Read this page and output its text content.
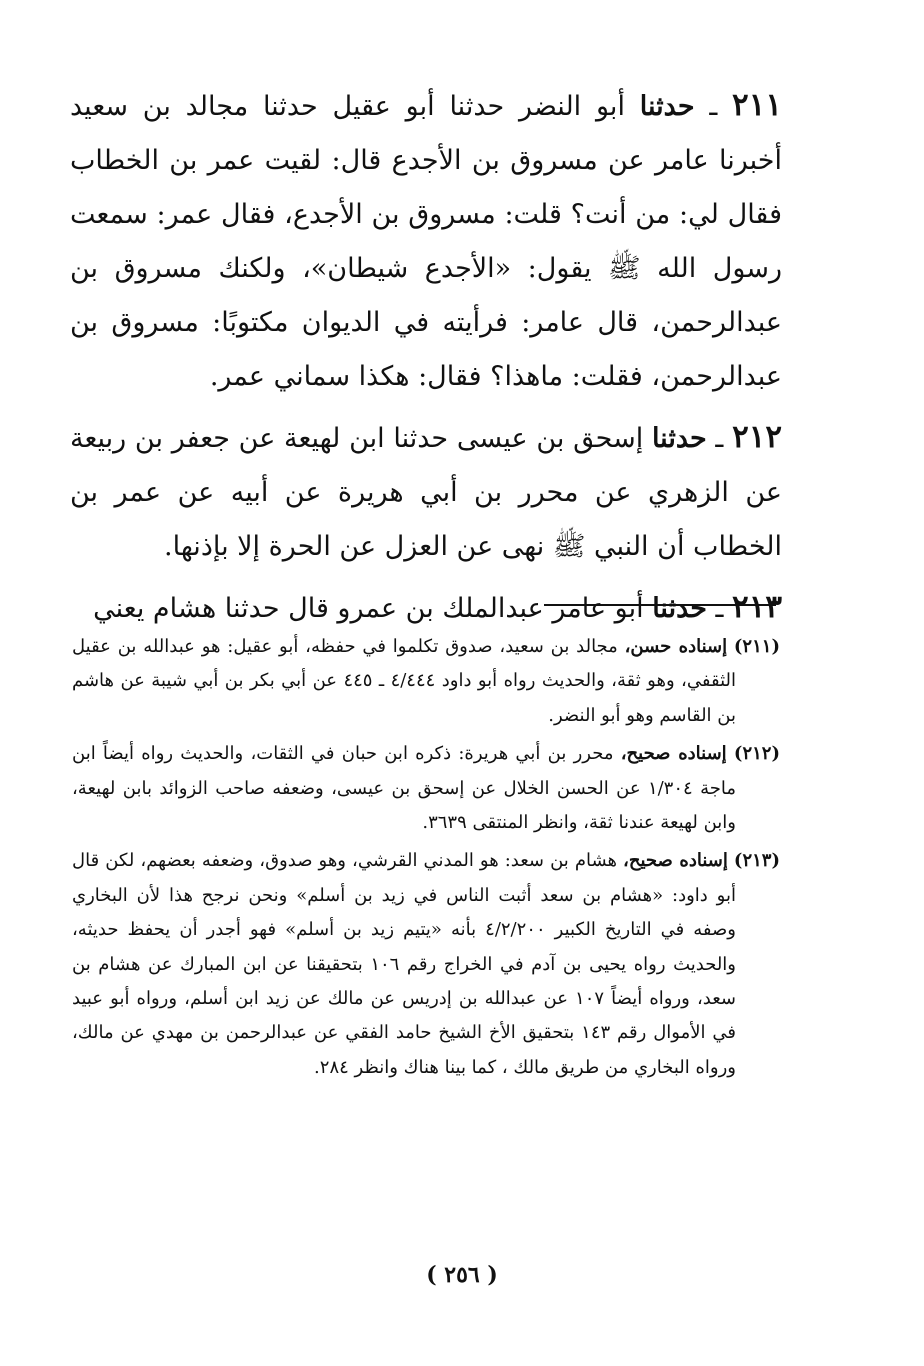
٢١١ ـ حدثنا أبو النضر حدثنا أبو عقيل حدثنا مجالد بن سعيد أخبرنا عامر عن مسروق بن الأجدع قال: لقيت عمر بن الخطاب فقال لي: من أنت؟ قلت: مسروق بن الأجدع، فقال عمر: سمعت رسول الله ﷺ يقول: «الأجدع شيطان»، ولكنك مسروق بن عبدالرحمن، قال عامر: فرأيته في الديوان مكتوبًا: مسروق بن عبدالرحمن، فقلت: ماهذا؟ فقال: هكذا سماني عمر.

٢١٢ ـ حدثنا إسحق بن عيسى حدثنا ابن لهيعة عن جعفر بن ربيعة عن الزهري عن محرر بن أبي هريرة عن أبيه عن عمر بن الخطاب أن النبي ﷺ نهى عن العزل عن الحرة إلا بإذنها.

٢١٣ ـ حدثنا أبو عامر عبدالملك بن عمرو قال حدثنا هشام يعني

(٢١١) إسناده حسن، مجالد بن سعيد، صدوق تكلموا في حفظه، أبو عقيل: هو عبدالله بن عقيل الثقفي، وهو ثقة، والحديث رواه أبو داود ٤/٤٤٤ ـ ٤٤٥ عن أبي بكر بن أبي شيبة عن هاشم بن القاسم وهو أبو النضر.

(٢١٢) إسناده صحيح، محرر بن أبي هريرة: ذكره ابن حبان في الثقات، والحديث رواه أيضاً ابن ماجة ١/٣٠٤ عن الحسن الخلال عن إسحق بن عيسى، وضعفه صاحب الزوائد بابن لهيعة، وابن لهيعة عندنا ثقة، وانظر المنتقى ٣٦٣٩.

(٢١٣) إسناده صحيح، هشام بن سعد: هو المدني القرشي، وهو صدوق، وضعفه بعضهم، لكن قال أبو داود: «هشام بن سعد أثبت الناس في زيد بن أسلم» ونحن نرجح هذا لأن البخاري وصفه في التاريخ الكبير ٤/٢/٢٠٠ بأنه «يتيم زيد بن أسلم» فهو أجدر أن يحفظ حديثه، والحديث رواه يحيى بن آدم في الخراج رقم ١٠٦ بتحقيقنا عن ابن المبارك عن هشام بن سعد، ورواه أيضاً ١٠٧ عن عبدالله بن إدريس عن مالك عن زيد ابن أسلم، ورواه أبو عبيد في الأموال رقم ١٤٣ بتحقيق الأخ الشيخ حامد الفقي عن عبدالرحمن بن مهدي عن مالك، ورواه البخاري من طريق مالك ، كما بينا هناك وانظر ٢٨٤.

( ٢٥٦ )
